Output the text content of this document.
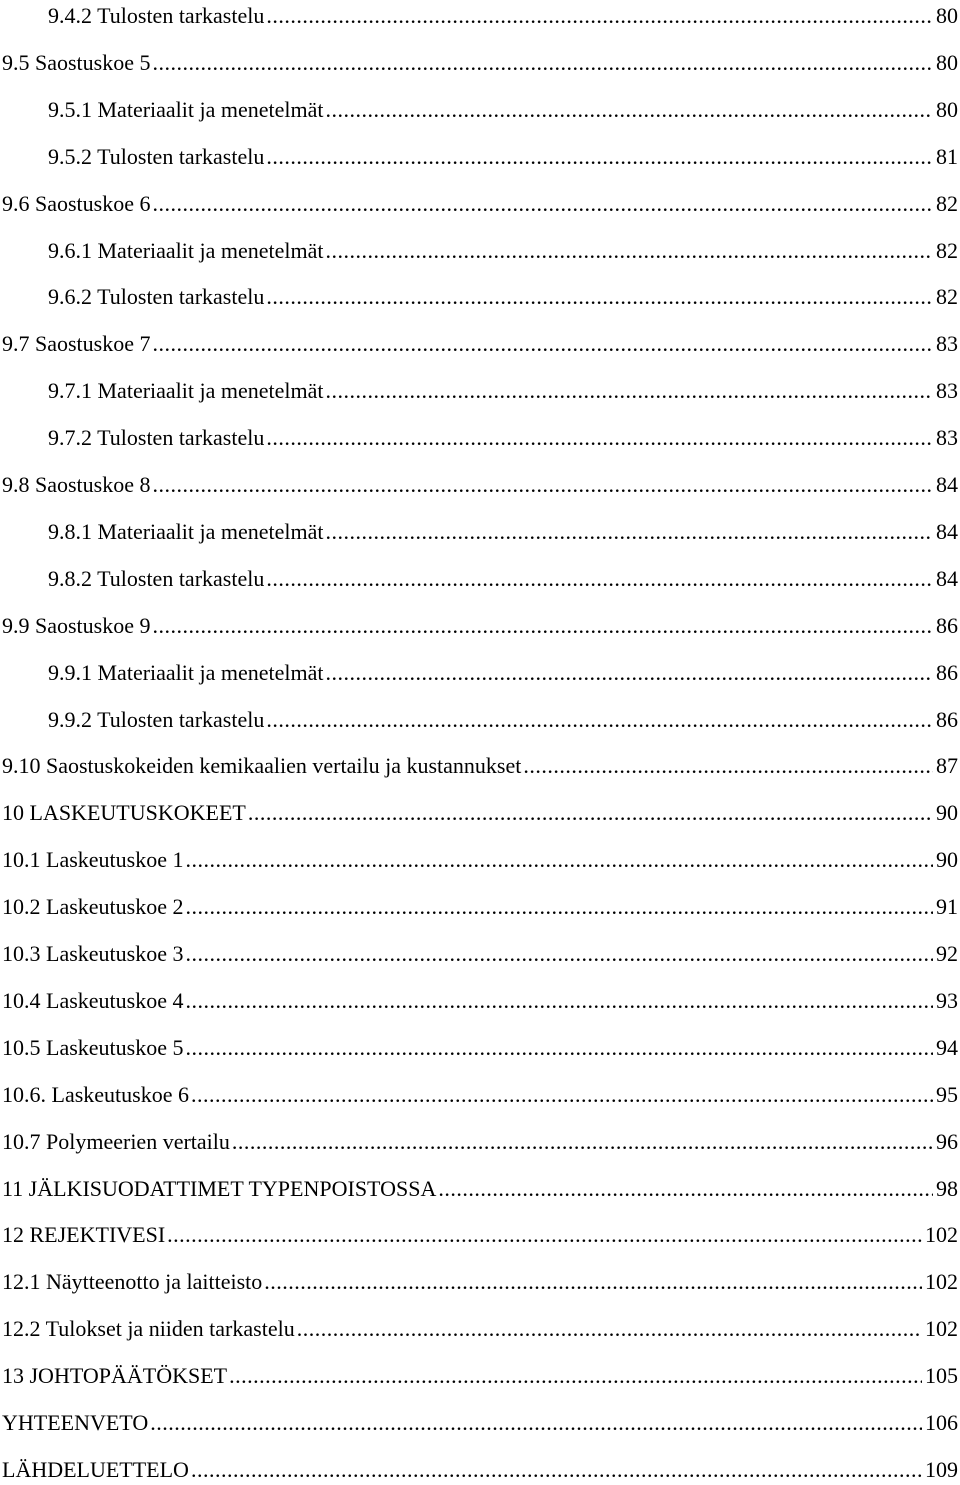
9.4.2 Tulosten tarkastelu .....	80
9.5 Saostuskoe 5 .....	80
9.5.1 Materiaalit ja menetelmät .....	80
9.5.2 Tulosten tarkastelu .....	81
9.6 Saostuskoe 6 .....	82
9.6.1 Materiaalit ja menetelmät .....	82
9.6.2 Tulosten tarkastelu .....	82
9.7 Saostuskoe 7 .....	83
9.7.1 Materiaalit ja menetelmät .....	83
9.7.2 Tulosten tarkastelu .....	83
9.8 Saostuskoe 8 .....	84
9.8.1 Materiaalit ja menetelmät .....	84
9.8.2 Tulosten tarkastelu .....	84
9.9 Saostuskoe 9 .....	86
9.9.1 Materiaalit ja menetelmät .....	86
9.9.2 Tulosten tarkastelu .....	86
9.10 Saostuskokeiden kemikaalien vertailu ja kustannukset .....	87
10 LASKEUTUSKOKEET .....	90
10.1 Laskeutuskoe 1 .....	90
10.2 Laskeutuskoe 2 .....	91
10.3 Laskeutuskoe 3 .....	92
10.4 Laskeutuskoe 4 .....	93
10.5 Laskeutuskoe 5 .....	94
10.6. Laskeutuskoe 6 .....	95
10.7 Polymeerien vertailu .....	96
11 JÄLKISUODATTIMET TYPENPOISTOSSA .....	98
12 REJEKTIVESI .....	102
12.1 Näytteenotto ja laitteisto .....	102
12.2 Tulokset ja niiden tarkastelu .....	102
13 JOHTOPÄÄTÖKSET .....	105
YHTEENVETO .....	106
LÄHDELUETTELO .....	109
